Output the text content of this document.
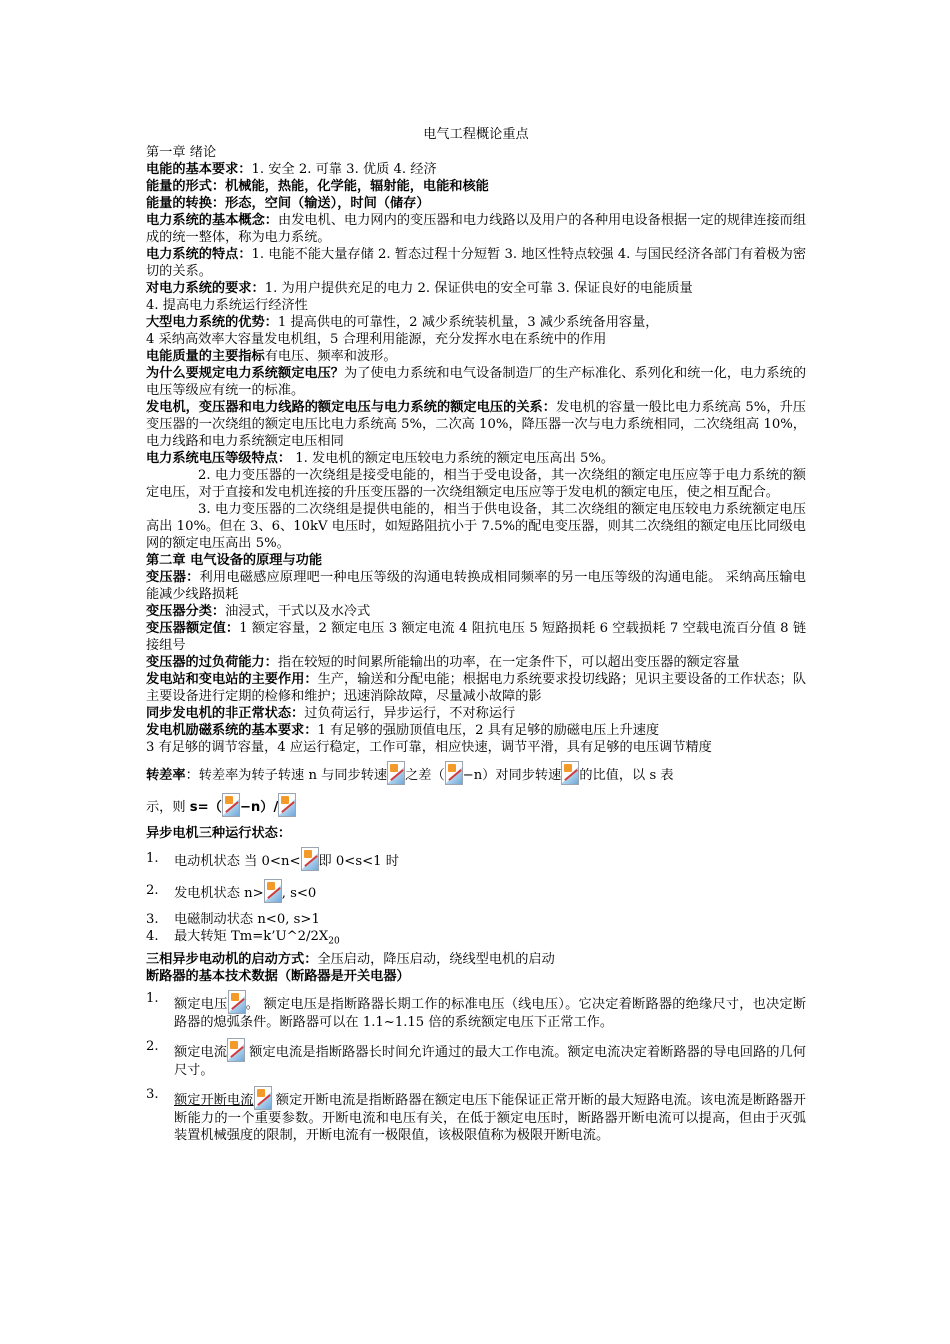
电气工程概论重点

第一章 绪论

电能的基本要求：1. 安全 2. 可靠 3. 优质 4. 经济

能量的形式：机械能，热能，化学能，辐射能，电能和核能

能量的转换：形态，空间（输送），时间（储存）

电力系统的基本概念：由发电机、电力网内的变压器和电力线路以及用户的各种用电设备根据一定的规律连接而组成的统一整体，称为电力系统。

电力系统的特点：1. 电能不能大量存储 2. 暂态过程十分短暂 3. 地区性特点较强 4. 与国民经济各部门有着极为密切的关系。

对电力系统的要求：1. 为用户提供充足的电力 2. 保证供电的安全可靠 3. 保证良好的电能质量

4. 提高电力系统运行经济性

大型电力系统的优势：1 提高供电的可靠性，2 减少系统装机量，3 减少系统备用容量，

4 采纳高效率大容量发电机组，5 合理利用能源，充分发挥水电在系统中的作用

电能质量的主要指标有电压、频率和波形。

为什么要规定电力系统额定电压？为了使电力系统和电气设备制造厂的生产标准化、系列化和统一化，电力系统的电压等级应有统一的标准。

发电机，变压器和电力线路的额定电压与电力系统的额定电压的关系：发电机的容量一般比电力系统高 5%，升压变压器的一次绕组的额定电压比电力系统高 5%，二次高 10%，降压器一次与电力系统相同，二次绕组高 10%，电力线路和电力系统额定电压相同

电力系统电压等级特点： 1. 发电机的额定电压较电力系统的额定电压高出 5%。

2. 电力变压器的一次绕组是接受电能的，相当于受电设备，其一次绕组的额定电压应等于电力系统的额定电压，对于直接和发电机连接的升压变压器的一次绕组额定电压应等于发电机的额定电压，使之相互配合。

3. 电力变压器的二次绕组是提供电能的，相当于供电设备，其二次绕组的额定电压较电力系统额定电压高出 10%。但在 3、6、10kV 电压时，如短路阻抗小于 7.5%的配电变压器，则其二次绕组的额定电压比同级电网的额定电压高出 5%。

第二章 电气设备的原理与功能

变压器：利用电磁感应原理吧一种电压等级的沟通电转换成相同频率的另一电压等级的沟通电能。 采纳高压输电能减少线路损耗

变压器分类：油浸式，干式以及水冷式

变压器额定值：1 额定容量，2 额定电压 3 额定电流 4 阻抗电压 5 短路损耗 6 空载损耗 7 空载电流百分值 8 链接组号

变压器的过负荷能力：指在较短的时间累所能输出的功率，在一定条件下，可以超出变压器的额定容量

发电站和变电站的主要作用：生产，输送和分配电能；根据电力系统要求投切线路；见识主要设备的工作状态；队主要设备进行定期的检修和维护；迅速消除故障，尽量减小故障的影

同步发电机的非正常状态：过负荷运行，异步运行，不对称运行

发电机励磁系统的基本要求：1 有足够的强励顶值电压，2 具有足够的励磁电压上升速度

3 有足够的调节容量，4 应运行稳定，工作可靠，相应快速，调节平滑，具有足够的电压调节精度

转差率：转差率为转子转速 n 与同步转速 之差（ −n）对同步转速 的比值，以 s 表

示，则 s=（ −n）/

异步电机三种运行状态：

1.	电动机状态 当 0<n< 即 0<s<1 时
2.	发电机状态 n> , s<0
3.	电磁制动状态 n<0, s>1
4.	最大转矩 $Tm=k’U\^{}2/2X_{20}$

三相异步电动机的启动方式：全压启动，降压启动，绕线型电机的启动

断路器的基本技术数据（断路器是开关电器）

1.	额定电压 。 额定电压是指断路器长期工作的标准电压（线电压）。它决定着断路器的绝缘尺寸，也决定断路器的熄弧条件。断路器可以在 1.1~1.15 倍的系统额定电压下正常工作。
2.	额定电流 额定电流是指断路器长时间允许通过的最大工作电流。额定电流决定着断路器的导电回路的几何尺寸。
3.	额定开断电流 额定开断电流是指断路器在额定电压下能保证正常开断的最大短路电流。该电流是断路器开断能力的一个重要参数。开断电流和电压有关，在低于额定电压时，断路器开断电流可以提高，但由于灭弧装置机械强度的限制，开断电流有一极限值，该极限值称为极限开断电流。
